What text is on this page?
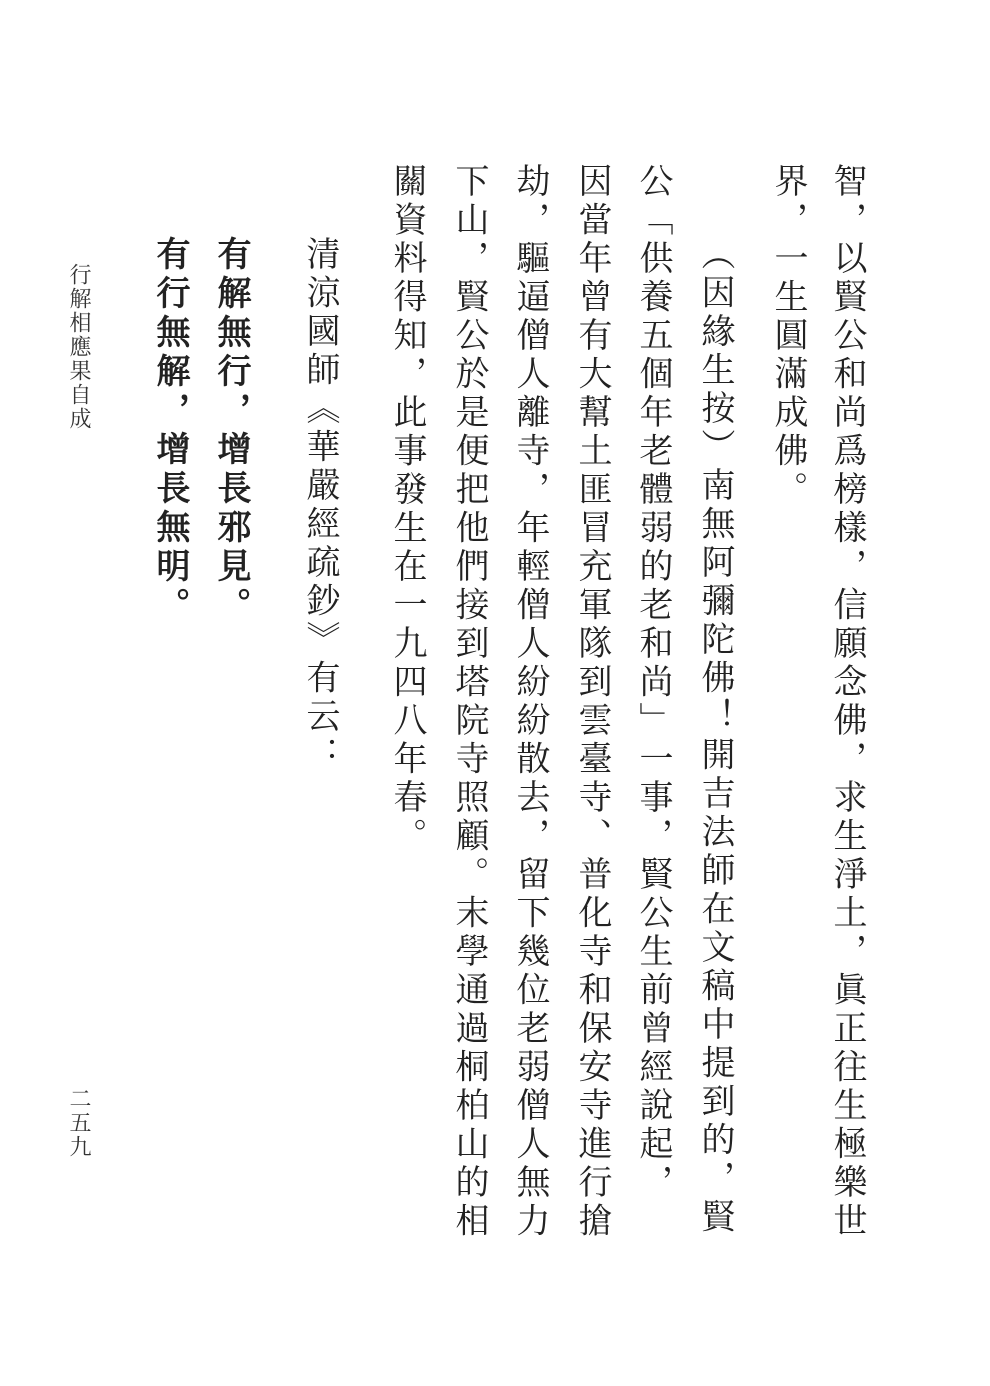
智，以賢公和尚爲榜樣，信願念佛，求生淨土，眞正往生極樂世
界，一生圓滿成佛。
（因緣生按）南無阿彌陀佛！開吉法師在文稿中提到的，賢
公「供養五個年老體弱的老和尚」一事，賢公生前曾經說起，
因當年曾有大幫土匪冒充軍隊到雲臺寺、普化寺和保安寺進行搶
劫，驅逼僧人離寺，年輕僧人紛紛散去，留下幾位老弱僧人無力
下山，賢公於是便把他們接到塔院寺照顧。末學通過桐柏山的相
關資料得知，此事發生在一九四八年春。
清涼國師《華嚴經疏鈔》有云：
有解無行，增長邪見。
有行無解，增長無明。
行解相應果自成
二五九
